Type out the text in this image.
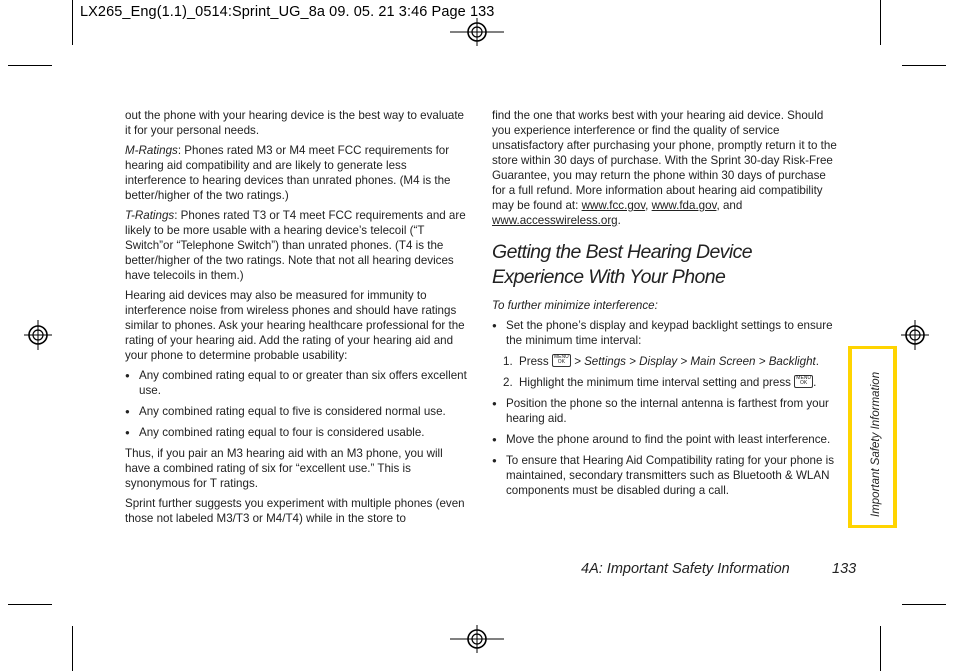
LX265_Eng(1.1)_0514:Sprint_UG_8a 09. 05. 21 3:46 Page 133

out the phone with your hearing device is the best way to evaluate it for your personal needs.

M-Ratings: Phones rated M3 or M4 meet FCC requirements for hearing aid compatibility and are likely to generate less interference to hearing devices than unrated phones. (M4 is the better/higher of the two ratings.)

T-Ratings: Phones rated T3 or T4 meet FCC requirements and are likely to be more usable with a hearing device’s telecoil (“T Switch”or “Telephone Switch”) than unrated phones. (T4 is the better/higher of the two ratings. Note that not all hearing devices have telecoils in them.)

Hearing aid devices may also be measured for immunity to interference noise from wireless phones and should have ratings similar to phones. Ask your hearing healthcare professional for the rating of your hearing aid. Add the rating of your hearing aid and your phone to determine probable usability:

● Any combined rating equal to or greater than six offers excellent use.
● Any combined rating equal to five is considered normal use.
● Any combined rating equal to four is considered usable.

Thus, if you pair an M3 hearing aid with an M3 phone, you will have a combined rating of six for “excellent use.” This is synonymous for T ratings.

Sprint further suggests you experiment with multiple phones (even those not labeled M3/T3 or M4/T4) while in the store to

find the one that works best with your hearing aid device. Should you experience interference or find the quality of service unsatisfactory after purchasing your phone, promptly return it to the store within 30 days of purchase. With the Sprint 30-day Risk-Free Guarantee, you may return the phone within 30 days of purchase for a full refund. More information about hearing aid compatibility may be found at: www.fcc.gov, www.fda.gov, and www.accesswireless.org.

Getting the Best Hearing Device Experience With Your Phone

To further minimize interference:

● Set the phone’s display and keypad backlight settings to ensure the minimum time interval:
1. Press MENU OK > Settings > Display > Main Screen > Backlight.
2. Highlight the minimum time interval setting and press MENU OK .
● Position the phone so the internal antenna is farthest from your hearing aid.
● Move the phone around to find the point with least interference.
● To ensure that Hearing Aid Compatibility rating for your phone is maintained, secondary transmitters such as Bluetooth & WLAN components must be disabled during a call.	Important Safety Information
4A: Important Safety Information	133
